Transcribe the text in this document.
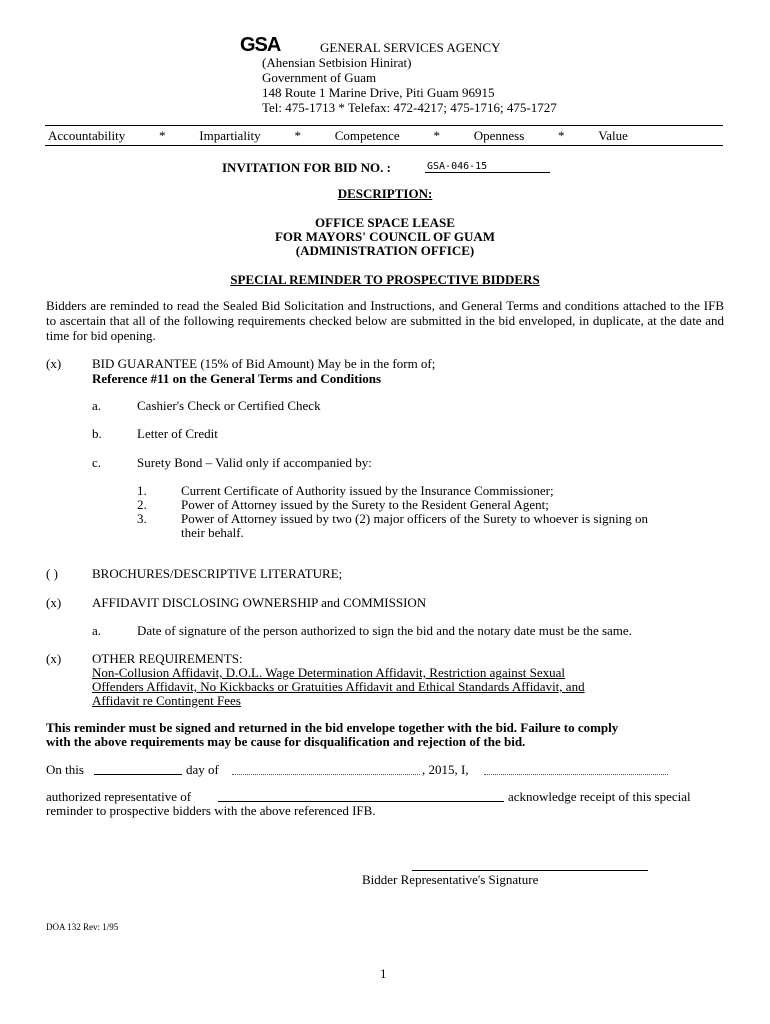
GSA	GENERAL SERVICES AGENCY
(Ahensian Setbision Hinirat)
Government of Guam
148 Route 1 Marine Drive, Piti Guam 96915
Tel: 475-1713 * Telefax: 472-4217; 475-1716; 475-1727
Accountability	*	Impartiality	*	Competence	*	Openness	*	Value
INVITATION FOR BID NO. :	GSA-046-15
DESCRIPTION:
OFFICE SPACE LEASE
FOR MAYORS' COUNCIL OF GUAM
(ADMINISTRATION OFFICE)
SPECIAL REMINDER TO PROSPECTIVE BIDDERS
Bidders are reminded to read the Sealed Bid Solicitation and Instructions, and General Terms and conditions attached to the IFB to ascertain that all of the following requirements checked below are submitted in the bid enveloped, in duplicate, at the date and time for bid opening.
(x) BID GUARANTEE (15% of Bid Amount) May be in the form of;
Reference #11 on the General Terms and Conditions
a.	Cashier's Check or Certified Check
b.	Letter of Credit
c.	Surety Bond – Valid only if accompanied by:
1.	Current Certificate of Authority issued by the Insurance Commissioner;
2.	Power of Attorney issued by the Surety to the Resident General Agent;
3.	Power of Attorney issued by two (2) major officers of the Surety to whoever is signing on
their behalf.
( )	BROCHURES/DESCRIPTIVE LITERATURE;
(x) AFFIDAVIT DISCLOSING OWNERSHIP and COMMISSION
a.	Date of signature of the person authorized to sign the bid and the notary date must be the same.
(x) OTHER REQUIREMENTS:
Non-Collusion Affidavit, D.O.L. Wage Determination Affidavit, Restriction against Sexual
Offenders Affidavit, No Kickbacks or Gratuities Affidavit and Ethical Standards Affidavit, and
Affidavit re Contingent Fees
This reminder must be signed and returned in the bid envelope together with the bid. Failure to comply
with the above requirements may be cause for disqualification and rejection of the bid.
On this	day of	, 2015, I,
authorized representative of	acknowledge receipt of this special
reminder to prospective bidders with the above referenced IFB.
Bidder Representative's Signature
DOA 132 Rev: 1/95
1
